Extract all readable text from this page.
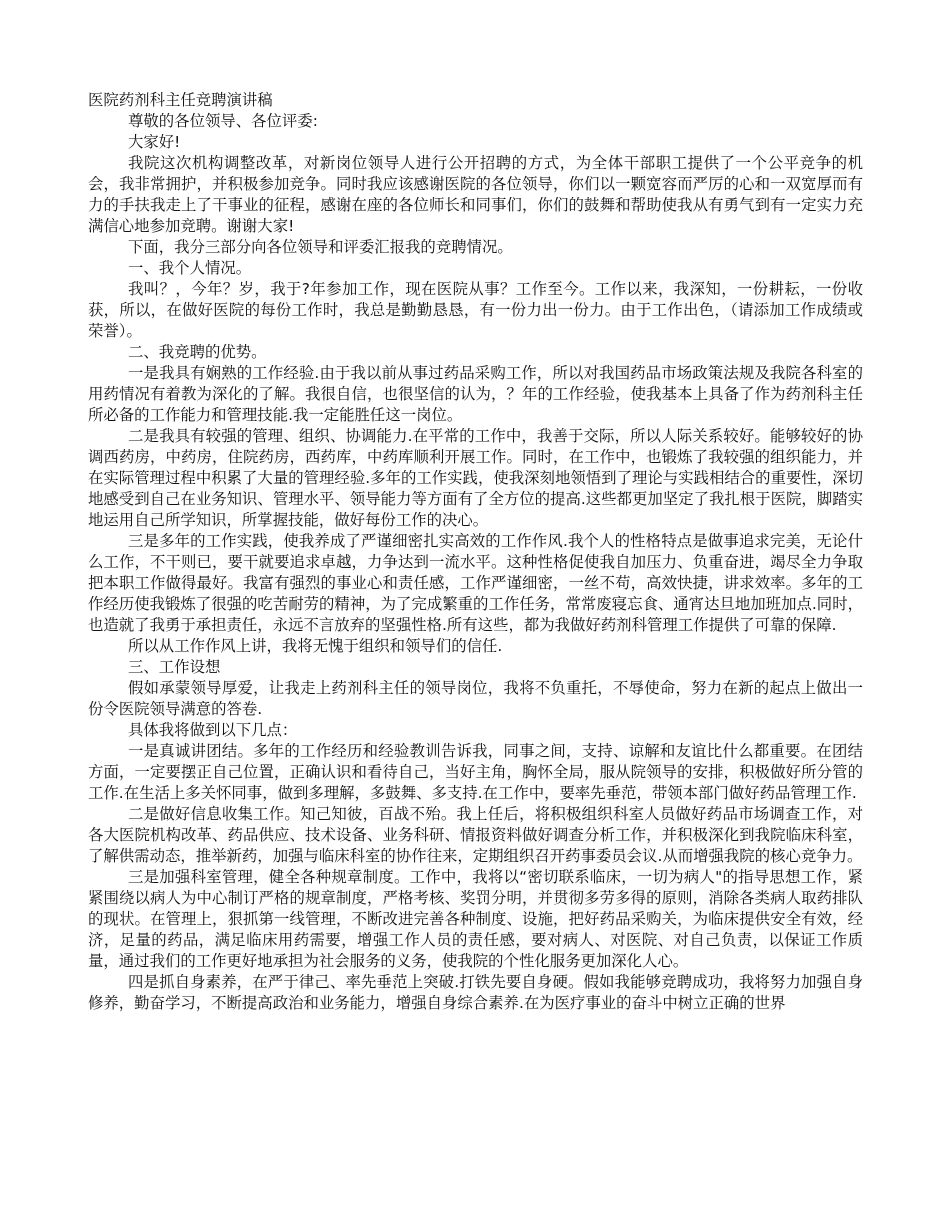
医院药剂科主任竞聘演讲稿

尊敬的各位领导、各位评委:

大家好!

我院这次机构调整改革，对新岗位领导人进行公开招聘的方式，为全体干部职工提供了一个公平竞争的机会，我非常拥护，并积极参加竞争。同时我应该感谢医院的各位领导，你们以一颗宽容而严厉的心和一双宽厚而有力的手扶我走上了干事业的征程，感谢在座的各位师长和同事们，你们的鼓舞和帮助使我从有勇气到有一定实力充满信心地参加竞聘。谢谢大家!

下面，我分三部分向各位领导和评委汇报我的竞聘情况。

一、我个人情况。

我叫？，今年？岁，我于?年参加工作，现在医院从事？工作至今。工作以来，我深知，一份耕耘，一份收获，所以，在做好医院的每份工作时，我总是勤勤恳恳，有一份力出一份力。由于工作出色，（请添加工作成绩或荣誉）。

二、我竞聘的优势。

一是我具有娴熟的工作经验.由于我以前从事过药品采购工作，所以对我国药品市场政策法规及我院各科室的用药情况有着教为深化的了解。我很自信，也很坚信的认为，？年的工作经验，使我基本上具备了作为药剂科主任所必备的工作能力和管理技能.我一定能胜任这一岗位。

二是我具有较强的管理、组织、协调能力.在平常的工作中，我善于交际，所以人际关系较好。能够较好的协调西药房，中药房，住院药房，西药库，中药库顺利开展工作。同时，在工作中，也锻炼了我较强的组织能力，并在实际管理过程中积累了大量的管理经验.多年的工作实践，使我深刻地领悟到了理论与实践相结合的重要性，深切地感受到自己在业务知识、管理水平、领导能力等方面有了全方位的提高.这些都更加坚定了我扎根于医院，脚踏实地运用自己所学知识，所掌握技能，做好每份工作的决心。

三是多年的工作实践，使我养成了严谨细密扎实高效的工作作风.我个人的性格特点是做事追求完美，无论什么工作，不干则已，要干就要追求卓越，力争达到一流水平。这种性格促使我自加压力、负重奋进，竭尽全力争取把本职工作做得最好。我富有强烈的事业心和责任感，工作严谨细密，一丝不苟，高效快捷，讲求效率。多年的工作经历使我锻炼了很强的吃苦耐劳的精神，为了完成繁重的工作任务，常常废寝忘食、通宵达旦地加班加点.同时，也造就了我勇于承担责任，永远不言放弃的坚强性格.所有这些，都为我做好药剂科管理工作提供了可靠的保障.

所以从工作作风上讲，我将无愧于组织和领导们的信任.

三、工作设想

假如承蒙领导厚爱，让我走上药剂科主任的领导岗位，我将不负重托，不辱使命，努力在新的起点上做出一份令医院领导满意的答卷.

具体我将做到以下几点：

一是真诚讲团结。多年的工作经历和经验教训告诉我，同事之间，支持、谅解和友谊比什么都重要。在团结方面，一定要摆正自己位置，正确认识和看待自己，当好主角，胸怀全局，服从院领导的安排，积极做好所分管的工作.在生活上多关怀同事，做到多理解，多鼓舞、多支持.在工作中，要率先垂范，带领本部门做好药品管理工作.

二是做好信息收集工作。知己知彼，百战不殆。我上任后，将积极组织科室人员做好药品市场调查工作，对各大医院机构改革、药品供应、技术设备、业务科研、情报资料做好调查分析工作，并积极深化到我院临床科室，了解供需动态，推举新药，加强与临床科室的协作往来，定期组织召开药事委员会议.从而增强我院的核心竞争力。

三是加强科室管理，健全各种规章制度。工作中，我将以“密切联系临床，一切为病人"的指导思想工作，紧紧围绕以病人为中心制订严格的规章制度，严格考核、奖罚分明，并贯彻多劳多得的原则，消除各类病人取药排队的现状。在管理上，狠抓第一线管理，不断改进完善各种制度、设施，把好药品采购关，为临床提供安全有效，经济，足量的药品，满足临床用药需要，增强工作人员的责任感，要对病人、对医院、对自己负责，以保证工作质量，通过我们的工作更好地承担为社会服务的义务，使我院的个性化服务更加深化人心。

四是抓自身素养，在严于律己、率先垂范上突破.打铁先要自身硬。假如我能够竞聘成功，我将努力加强自身修养，勤奋学习，不断提高政治和业务能力，增强自身综合素养.在为医疗事业的奋斗中树立正确的世界
